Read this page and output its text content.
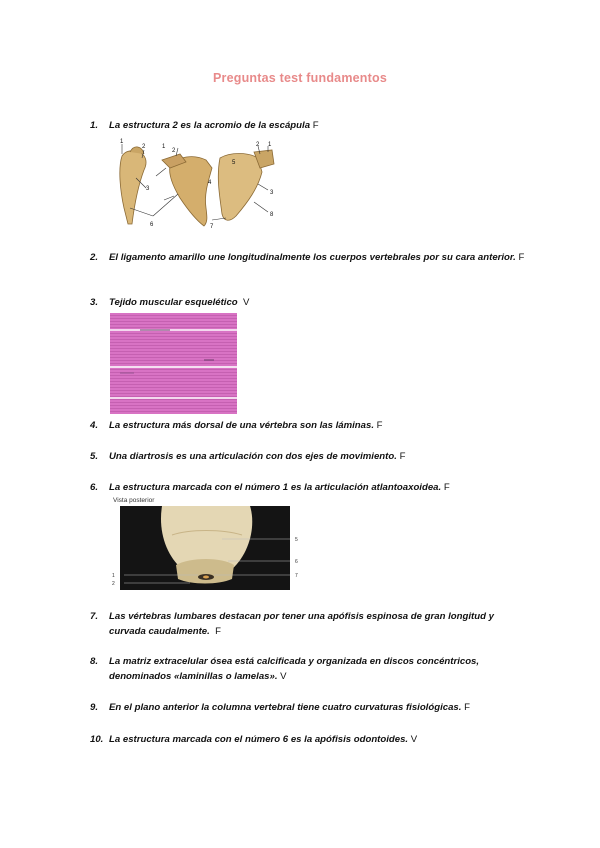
Preguntas test fundamentos
1. La estructura 2 es la acromio de la escápula F
1
2	1
2
3
4
5
2 1
3
8
6	7
2. El ligamento amarillo une longitudinalmente los cuerpos vertebrales por su cara anterior. F
3. Tejido muscular esquelético V
4. La estructura más dorsal de una vértebra son las láminas. F
5. Una diartrosis es una articulación con dos ejes de movimiento. F
6. La estructura marcada con el número 1 es la articulación atlantoaxoidea. F
Vista posterior
5
6
7
1
2
7. Las vértebras lumbares destacan por tener una apófisis espinosa de gran longitud y curvada caudalmente. F
8. La matriz extracelular ósea está calcificada y organizada en discos concéntricos, denominados «laminillas o lamelas». V
9. En el plano anterior la columna vertebral tiene cuatro curvaturas fisiológicas. F
10. La estructura marcada con el número 6 es la apófisis odontoides. V
